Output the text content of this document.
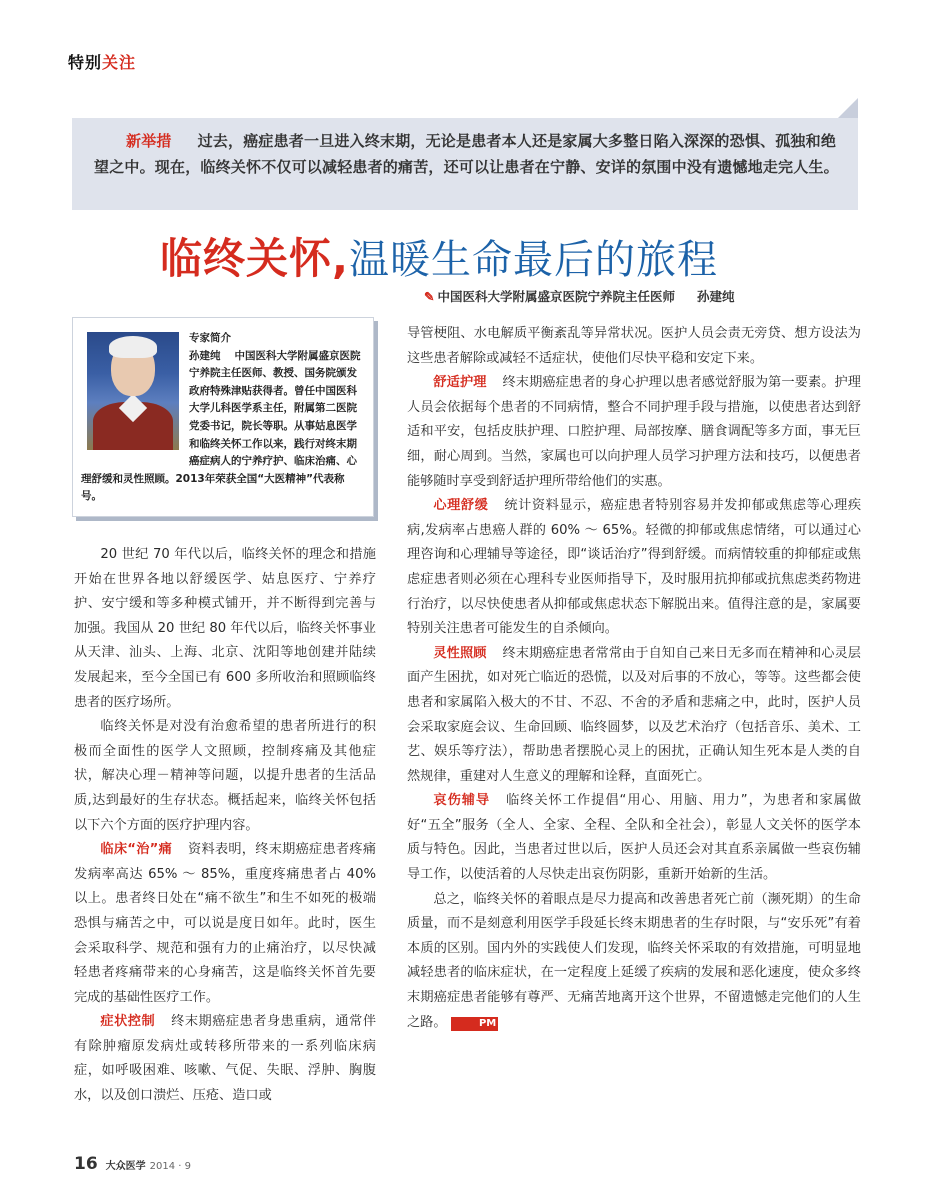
特别关注
新举措 过去，癌症患者一旦进入终末期，无论是患者本人还是家属大多整日陷入深深的恐惧、孤独和绝望之中。现在，临终关怀不仅可以减轻患者的痛苦，还可以让患者在宁静、安详的氛围中没有遗憾地走完人生。
临终关怀,温暖生命最后的旅程
✎ 中国医科大学附属盛京医院宁养院主任医师 孙建纯
专家简介
孙建纯 中国医科大学附属盛京医院宁养院主任医师、教授、国务院颁发政府特殊津贴获得者。曾任中国医科大学儿科医学系主任，附属第二医院党委书记，院长等职。从事姑息医学和临终关怀工作以来，践行对终末期癌症病人的宁养疗护、临床治痛、心理舒缓和灵性照顾。2013年荣获全国“大医精神”代表称号。

20 世纪 70 年代以后，临终关怀的理念和措施开始在世界各地以舒缓医学、姑息医疗、宁养疗护、安宁缓和等多种模式铺开，并不断得到完善与加强。我国从 20 世纪 80 年代以后，临终关怀事业从天津、汕头、上海、北京、沈阳等地创建并陆续发展起来，至今全国已有 600 多所收治和照顾临终患者的医疗场所。

临终关怀是对没有治愈希望的患者所进行的积极而全面性的医学人文照顾，控制疼痛及其他症状，解决心理－精神等问题，以提升患者的生活品质,达到最好的生存状态。概括起来，临终关怀包括以下六个方面的医疗护理内容。

临床“治”痛 资料表明，终末期癌症患者疼痛发病率高达 65% ～ 85%，重度疼痛患者占 40% 以上。患者终日处在“痛不欲生”和生不如死的极端恐惧与痛苦之中，可以说是度日如年。此时，医生会采取科学、规范和强有力的止痛治疗，以尽快减轻患者疼痛带来的心身痛苦，这是临终关怀首先要完成的基础性医疗工作。

症状控制 终末期癌症患者身患重病，通常伴有除肿瘤原发病灶或转移所带来的一系列临床病症，如呼吸困难、咳嗽、气促、失眠、浮肿、胸腹水，以及创口溃烂、压疮、造口或

导管梗阻、水电解质平衡紊乱等异常状况。医护人员会责无旁贷、想方设法为这些患者解除或减轻不适症状，使他们尽快平稳和安定下来。

舒适护理 终末期癌症患者的身心护理以患者感觉舒服为第一要素。护理人员会依据每个患者的不同病情，整合不同护理手段与措施，以使患者达到舒适和平安，包括皮肤护理、口腔护理、局部按摩、膳食调配等多方面，事无巨细，耐心周到。当然，家属也可以向护理人员学习护理方法和技巧，以便患者能够随时享受到舒适护理所带给他们的实惠。

心理舒缓 统计资料显示，癌症患者特别容易并发抑郁或焦虑等心理疾病,发病率占患癌人群的 60% ～ 65%。轻微的抑郁或焦虑情绪，可以通过心理咨询和心理辅导等途径，即“谈话治疗”得到舒缓。而病情较重的抑郁症或焦虑症患者则必须在心理科专业医师指导下，及时服用抗抑郁或抗焦虑类药物进行治疗，以尽快使患者从抑郁或焦虑状态下解脱出来。值得注意的是，家属要特别关注患者可能发生的自杀倾向。

灵性照顾 终末期癌症患者常常由于自知自己来日无多而在精神和心灵层面产生困扰，如对死亡临近的恐慌，以及对后事的不放心，等等。这些都会使患者和家属陷入极大的不甘、不忍、不舍的矛盾和悲痛之中，此时，医护人员会采取家庭会议、生命回顾、临终圆梦，以及艺术治疗（包括音乐、美术、工艺、娱乐等疗法），帮助患者摆脱心灵上的困扰，正确认知生死本是人类的自然规律，重建对人生意义的理解和诠释，直面死亡。

哀伤辅导 临终关怀工作提倡“用心、用脑、用力”，为患者和家属做好“五全”服务（全人、全家、全程、全队和全社会），彰显人文关怀的医学本质与特色。因此，当患者过世以后，医护人员还会对其直系亲属做一些哀伤辅导工作，以使活着的人尽快走出哀伤阴影，重新开始新的生活。

总之，临终关怀的着眼点是尽力提高和改善患者死亡前（濒死期）的生命质量，而不是刻意利用医学手段延长终末期患者的生存时限，与“安乐死”有着本质的区别。国内外的实践使人们发现，临终关怀采取的有效措施，可明显地减轻患者的临床症状，在一定程度上延缓了疾病的发展和恶化速度，使众多终末期癌症患者能够有尊严、无痛苦地离开这个世界，不留遗憾走完他们的人生之路。	PM

16 大众医学 2014 · 9
